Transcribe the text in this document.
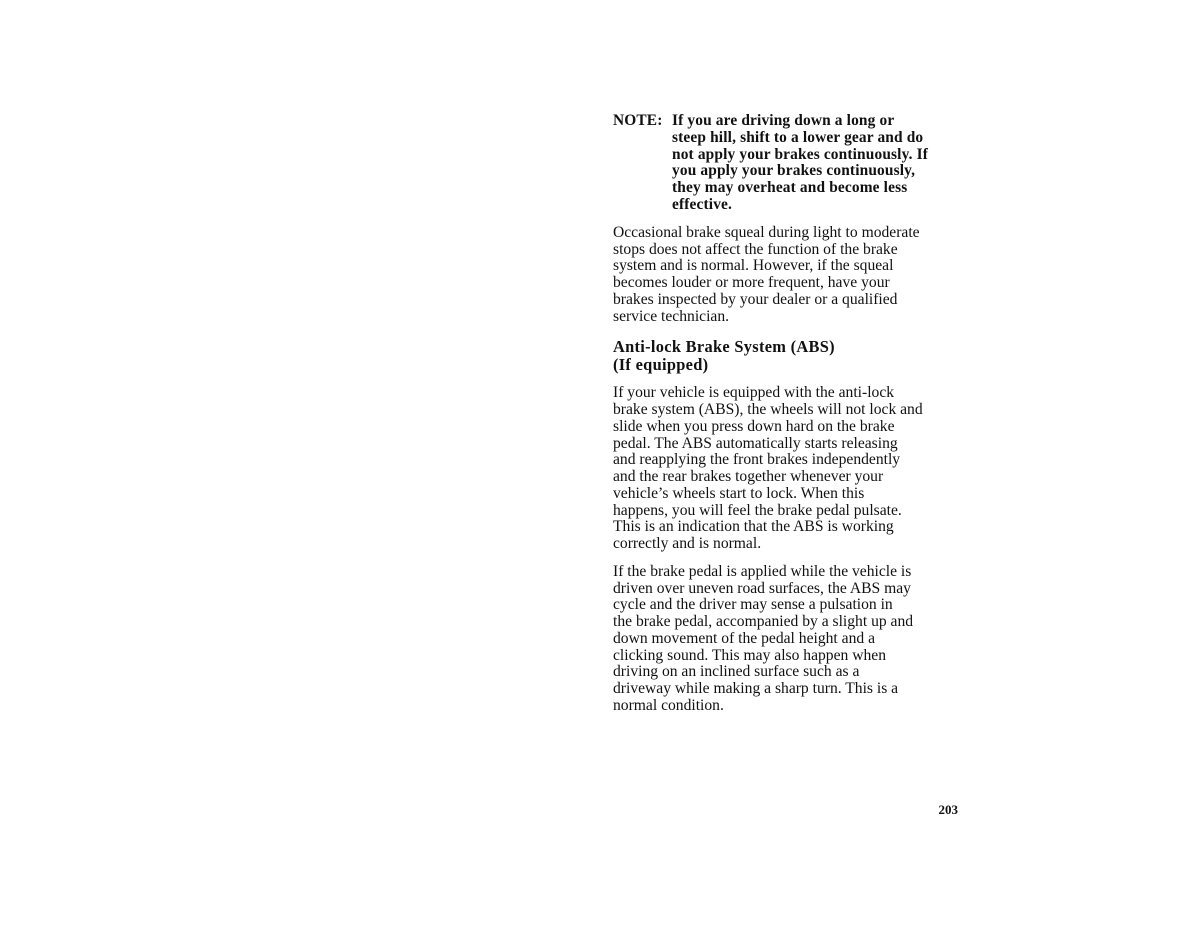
NOTE: If you are driving down a long or
steep hill, shift to a lower gear and do
not apply your brakes continuously. If
you apply your brakes continuously,
they may overheat and become less
effective.

Occasional brake squeal during light to moderate
stops does not affect the function of the brake
system and is normal. However, if the squeal
becomes louder or more frequent, have your
brakes inspected by your dealer or a qualified
service technician.

Anti-lock Brake System (ABS)
(If equipped)

If your vehicle is equipped with the anti-lock
brake system (ABS), the wheels will not lock and
slide when you press down hard on the brake
pedal. The ABS automatically starts releasing
and reapplying the front brakes independently
and the rear brakes together whenever your
vehicle’s wheels start to lock. When this
happens, you will feel the brake pedal pulsate.
This is an indication that the ABS is working
correctly and is normal.

If the brake pedal is applied while the vehicle is
driven over uneven road surfaces, the ABS may
cycle and the driver may sense a pulsation in
the brake pedal, accompanied by a slight up and
down movement of the pedal height and a
clicking sound. This may also happen when
driving on an inclined surface such as a
driveway while making a sharp turn. This is a
normal condition.

203
